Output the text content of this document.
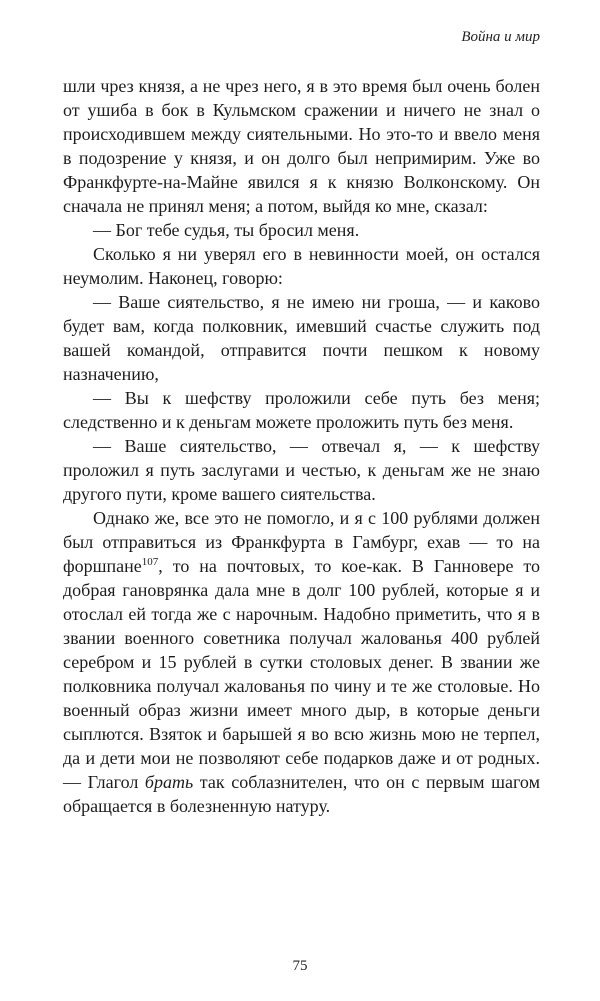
Война и мир

шли чрез князя, а не чрез него, я в это время был очень болен от ушиба в бок в Кульмском сражении и ничего не знал о происходившем между сиятельными. Но это-то и ввело меня в подозрение у князя, и он долго был непримирим. Уже во Франкфурте-на-Майне явился я к князю Волконскому. Он сначала не принял меня; а потом, выйдя ко мне, сказал:

— Бог тебе судья, ты бросил меня.

Сколько я ни уверял его в невинности моей, он остался неумолим. Наконец, говорю:

— Ваше сиятельство, я не имею ни гроша, — и каково будет вам, когда полковник, имевший счастье служить под вашей командой, отправится почти пешком к новому назначению,

— Вы к шефству проложили себе путь без меня; следственно и к деньгам можете проложить путь без меня.

— Ваше сиятельство, — отвечал я, — к шефству проложил я путь заслугами и честью, к деньгам же не знаю другого пути, кроме вашего сиятельства.

Однако же, все это не помогло, и я с 100 рублями должен был отправиться из Франкфурта в Гамбург, ехав — то на форшпане$^{107}$, то на почтовых, то кое-как. В Ганновере то добрая гановрянка дала мне в долг 100 рублей, которые я и отослал ей тогда же с нарочным. Надобно приметить, что я в звании военного советника получал жалованья 400 рублей серебром и 15 рублей в сутки столовых денег. В звании же полковника получал жалованья по чину и те же столовые. Но военный образ жизни имеет много дыр, в которые деньги сыплются. Взяток и барышей я во всю жизнь мою не терпел, да и дети мои не позволяют себе подарков даже и от родных. — Глагол брать так соблазнителен, что он с первым шагом обращается в болезненную натуру.

75
